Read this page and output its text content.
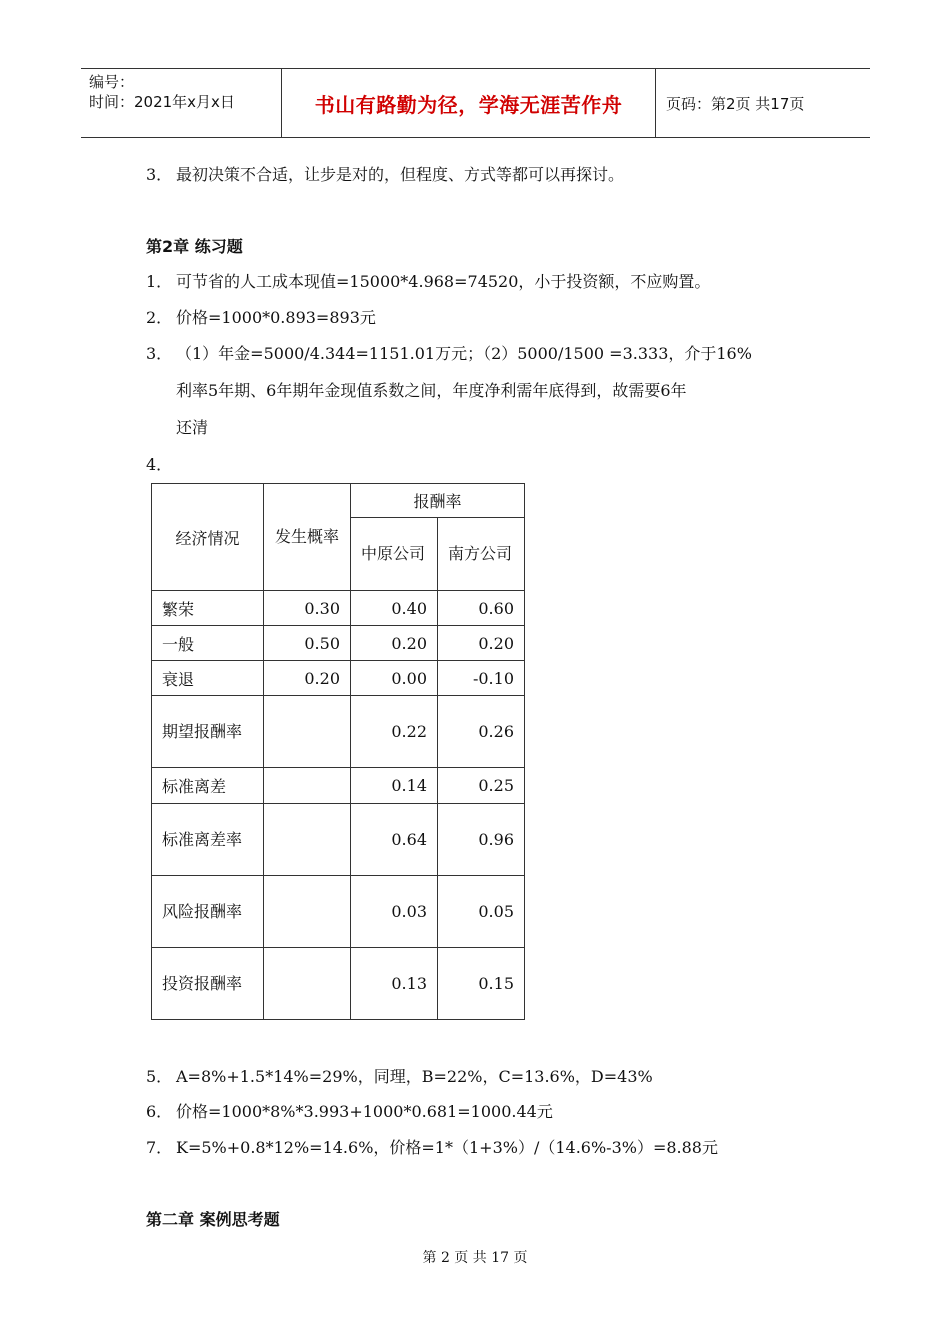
编号：
时间：2021年x月x日	书山有路勤为径，学海无涯苦作舟	页码：第2页 共17页
3． 最初决策不合适，让步是对的，但程度、方式等都可以再探讨。
第2章 练习题
1． 可节省的人工成本现值=15000*4.968=74520，小于投资额，不应购置。
2． 价格=1000*0.893=893元
3． （1）年金=5000/4.344=1151.01万元；（2）5000/1500 =3.333，介于16%
利率5年期、6年期年金现值系数之间，年度净利需年底得到，故需要6年
还清
4．
经济情况	发生概率	报酬率	
		中原公司	南方公司
繁荣	0.30	0.40	0.60
一般	0.50	0.20	0.20
衰退	0.20	0.00	-0.10
期望报酬率		0.22	0.26
标准离差		0.14	0.25
标准离差率		0.64	0.96
风险报酬率		0.03	0.05
投资报酬率		0.13	0.15
5． A=8%+1.5*14%=29%，同理，B=22%，C=13.6%，D=43%
6． 价格=1000*8%*3.993+1000*0.681=1000.44元
7． K=5%+0.8*12%=14.6%，价格=1*（1+3%）/（14.6%-3%）=8.88元
第二章 案例思考题
第 2 页 共 17 页
